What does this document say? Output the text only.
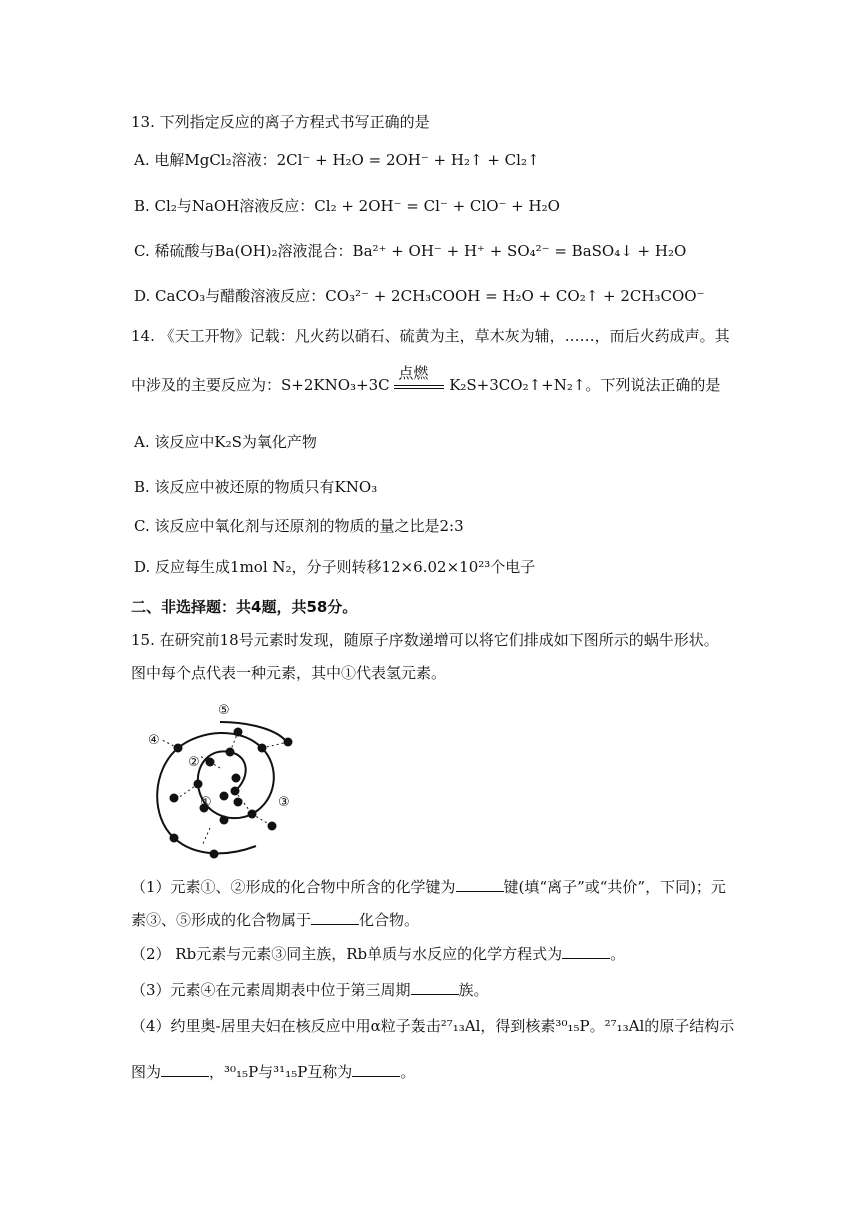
13. 下列指定反应的离子方程式书写正确的是
A. 电解MgCl₂溶液：2Cl⁻ + H₂O = 2OH⁻ + H₂↑ + Cl₂↑
B. Cl₂与NaOH溶液反应：Cl₂ + 2OH⁻ = Cl⁻ + ClO⁻ + H₂O
C. 稀硫酸与Ba(OH)₂溶液混合：Ba²⁺ + OH⁻ + H⁺ + SO₄²⁻ = BaSO₄↓ + H₂O
D. CaCO₃与醋酸溶液反应：CO₃²⁻ + 2CH₃COOH = H₂O + CO₂↑ + 2CH₃COO⁻
14. 《天工开物》记载：凡火药以硝石、硫黄为主，草木灰为辅，……，而后火药成声。其
中涉及的主要反应为：S+2KNO₃+3C
点燃
K₂S+3CO₂↑+N₂↑。下列说法正确的是
A. 该反应中K₂S为氧化产物
B. 该反应中被还原的物质只有KNO₃
C. 该反应中氧化剂与还原剂的物质的量之比是2:3
D. 反应每生成1mol N₂，分子则转移12×6.02×10²³个电子
二、非选择题：共4题，共58分。
15. 在研究前18号元素时发现，随原子序数递增可以将它们排成如下图所示的蜗牛形状。
图中每个点代表一种元素，其中①代表氢元素。
①
②
③
④
⑤
（1）元素①、②形成的化合物中所含的化学键为	键(填“离子”或“共价”，下同)；元
素③、⑤形成的化合物属于	化合物。
（2） Rb元素与元素③同主族，Rb单质与水反应的化学方程式为	。
（3）元素④在元素周期表中位于第三周期	族。
（4）约里奥-居里夫妇在核反应中用α粒子轰击²⁷₁₃Al，得到核素³⁰₁₅P。²⁷₁₃Al的原子结构示
图为	，³⁰₁₅P与³¹₁₅P互称为	。
